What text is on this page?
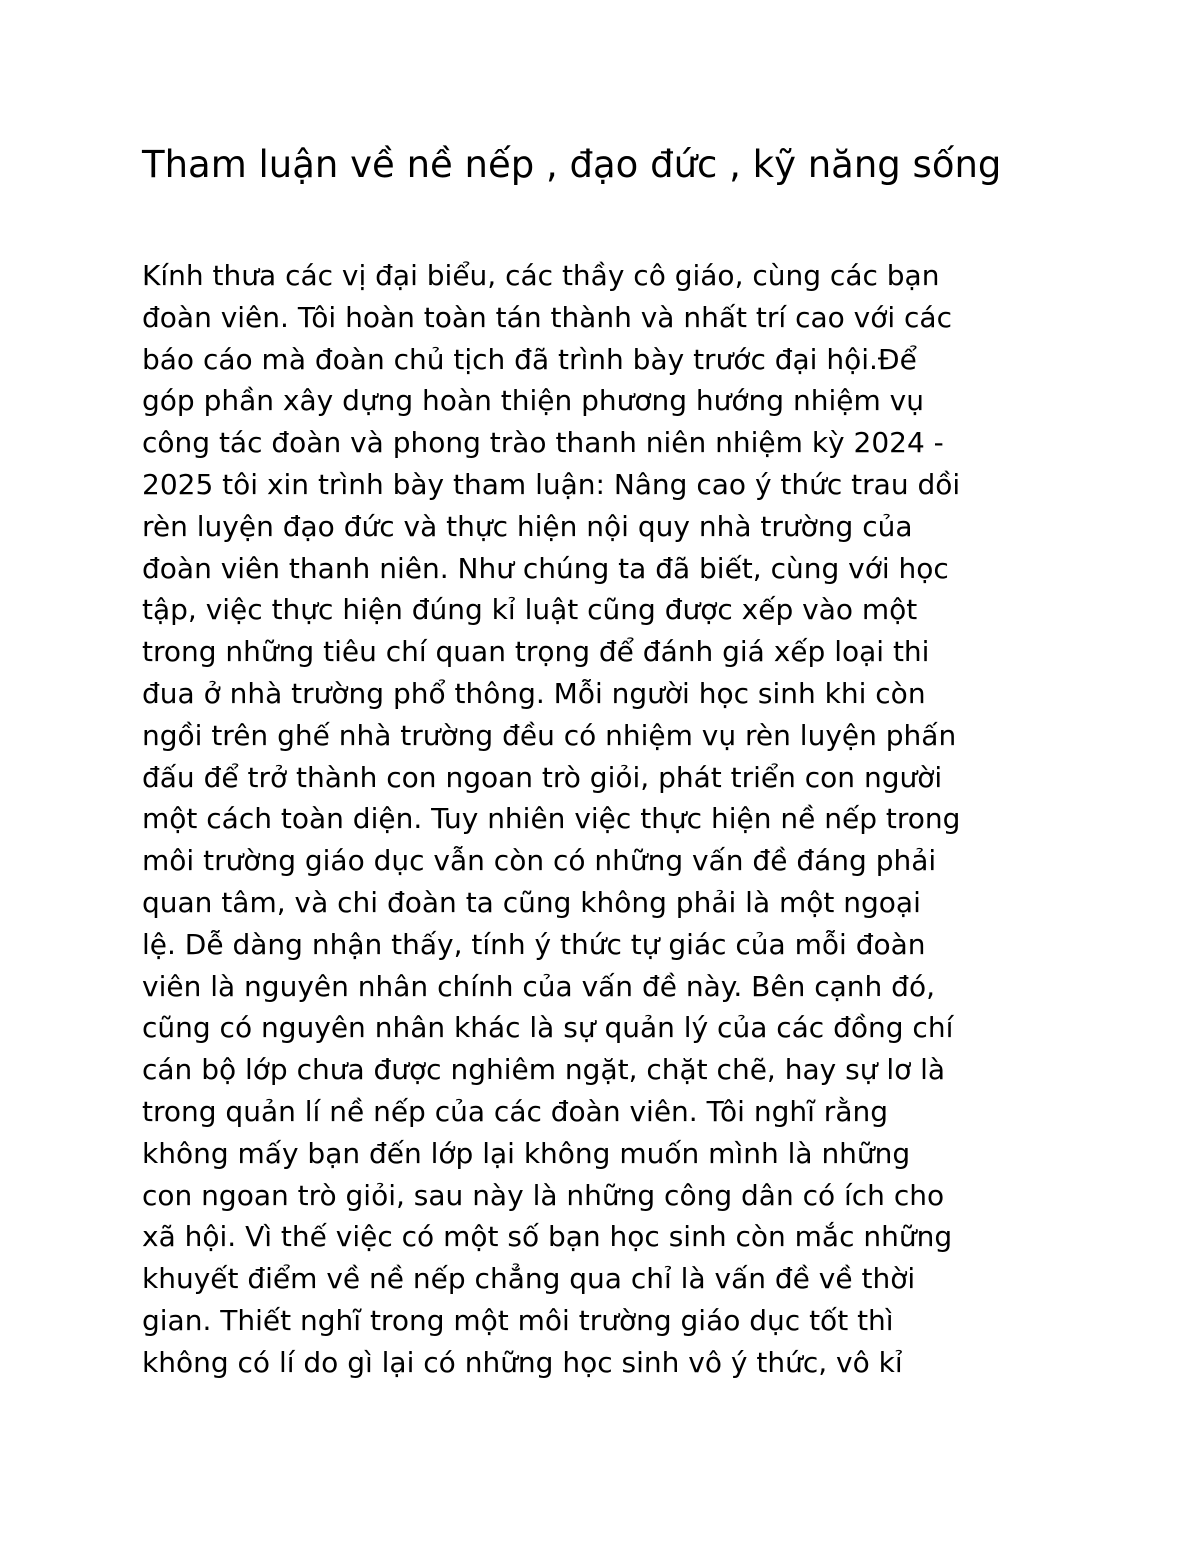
Tham luận về nề nếp , đạo đức , kỹ năng sống
Kính thưa các vị đại biểu, các thầy cô giáo, cùng các bạn
đoàn viên. Tôi hoàn toàn tán thành và nhất trí cao với các
báo cáo mà đoàn chủ tịch đã trình bày trước đại hội.Để
góp phần xây dựng hoàn thiện phương hướng nhiệm vụ
công tác đoàn và phong trào thanh niên nhiệm kỳ 2024 -
2025 tôi xin trình bày tham luận: Nâng cao ý thức trau dồi
rèn luyện đạo đức và thực hiện nội quy nhà trường của
đoàn viên thanh niên. Như chúng ta đã biết, cùng với học
tập, việc thực hiện đúng kỉ luật cũng được xếp vào một
trong những tiêu chí quan trọng để đánh giá xếp loại thi
đua ở nhà trường phổ thông. Mỗi người học sinh khi còn
ngồi trên ghế nhà trường đều có nhiệm vụ rèn luyện phấn
đấu để trở thành con ngoan trò giỏi, phát triển con người
một cách toàn diện. Tuy nhiên việc thực hiện nề nếp trong
môi trường giáo dục vẫn còn có những vấn đề đáng phải
quan tâm, và chi đoàn ta cũng không phải là một ngoại
lệ. Dễ dàng nhận thấy, tính ý thức tự giác của mỗi đoàn
viên là nguyên nhân chính của vấn đề này. Bên cạnh đó,
cũng có nguyên nhân khác là sự quản lý của các đồng chí
cán bộ lớp chưa được nghiêm ngặt, chặt chẽ, hay sự lơ là
trong quản lí nề nếp của các đoàn viên. Tôi nghĩ rằng
không mấy bạn đến lớp lại không muốn mình là những
con ngoan trò giỏi, sau này là những công dân có ích cho
xã hội. Vì thế việc có một số bạn học sinh còn mắc những
khuyết điểm về nề nếp chẳng qua chỉ là vấn đề về thời
gian. Thiết nghĩ trong một môi trường giáo dục tốt thì
không có lí do gì lại có những học sinh vô ý thức, vô kỉ
